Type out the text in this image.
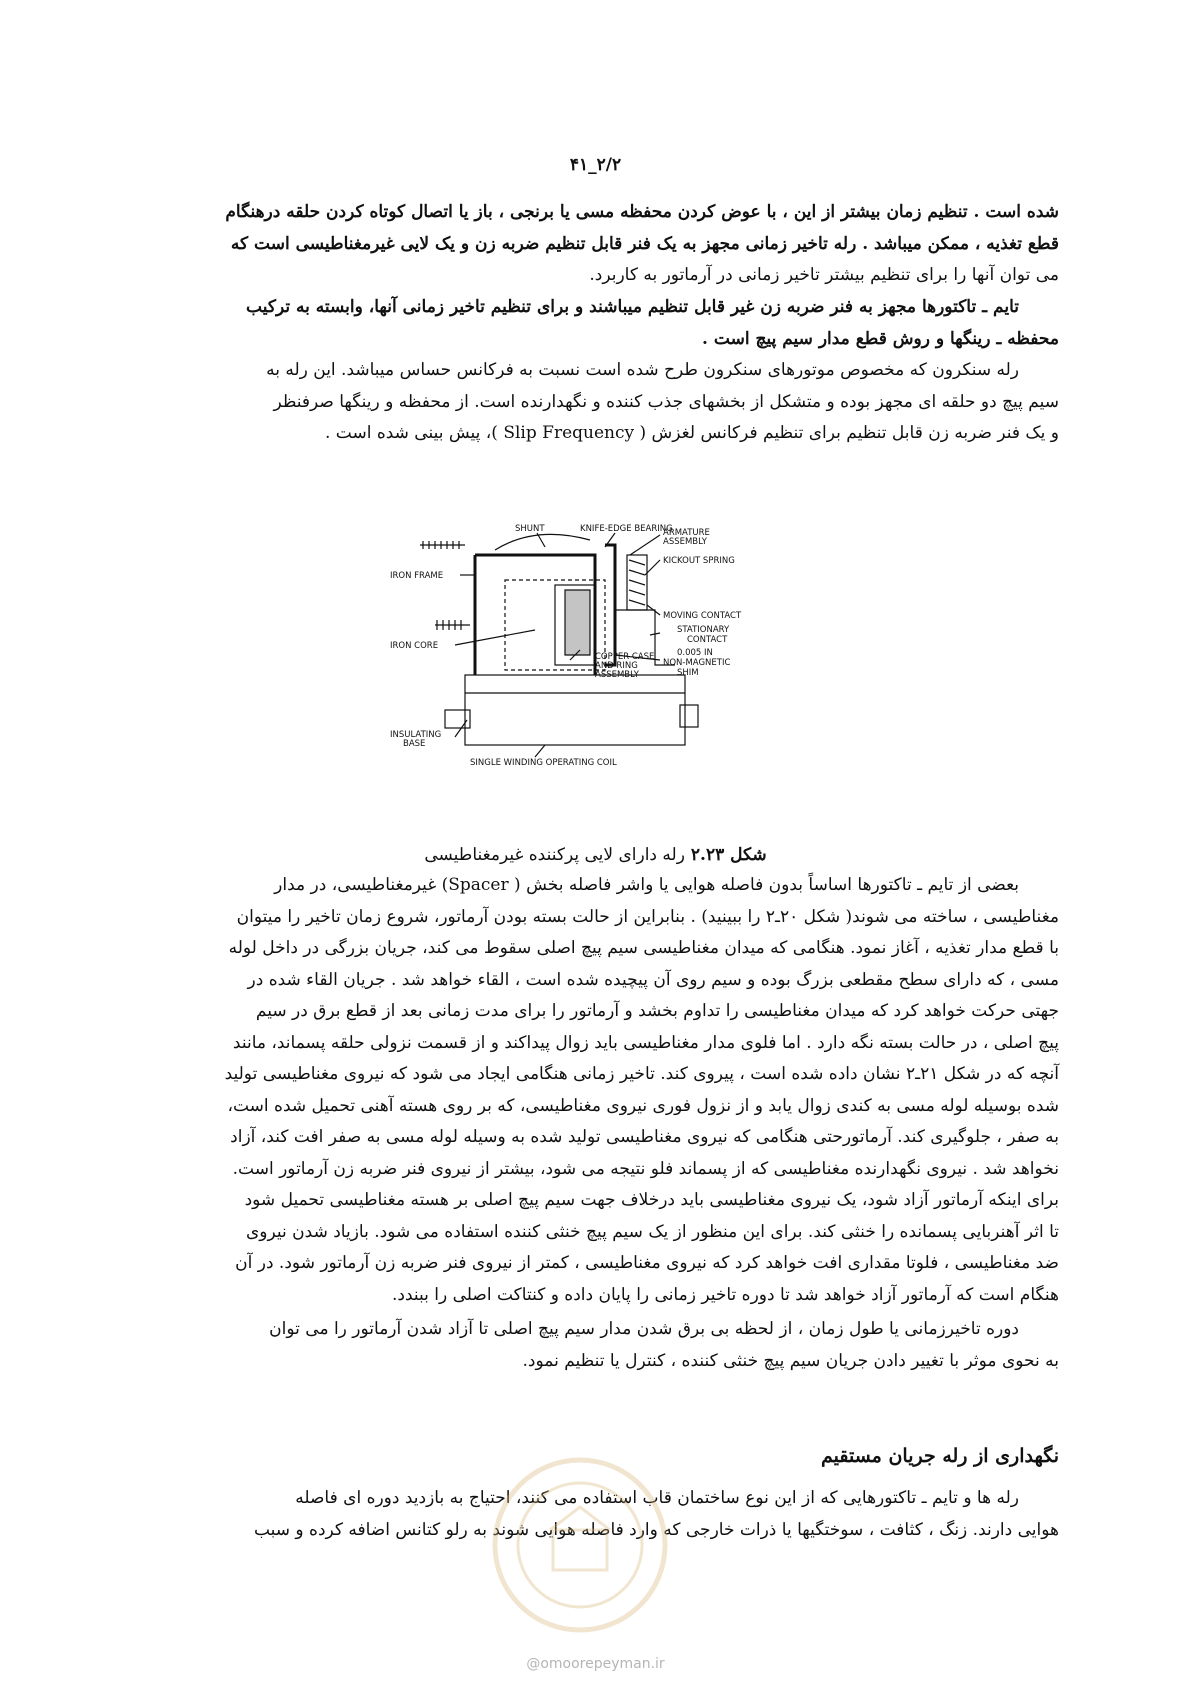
۴۱_۲/۲

شده است . تنظیم زمان بیشتر از این ، با عوض کردن محفظه مسی یا برنجی ، باز یا اتصال کوتاه کردن حلقه درهنگام

قطع تغذیه ، ممکن میباشد . رله تاخیر زمانی مجهز به یک فنر قابل تنظیم ضربه زن و یک لایی غیرمغناطیسی است که

می توان آنها را برای تنظیم بیشتر تاخیر زمانی در آرماتور به کاربرد.

تایم ـ تاکتورها مجهز به فنر ضربه زن غیر قابل تنظیم میباشند و برای تنظیم تاخیر زمانی آنها، وابسته به ترکیب

محفظه ـ رینگها و روش قطع مدار سیم پیچ است .

رله سنکرون که مخصوص موتورهای سنکرون طرح شده است نسبت به فرکانس حساس میباشد. این رله به

سیم پیچ دو حلقه ای مجهز بوده و متشکل از بخشهای جذب کننده و نگهدارنده است. از محفظه و رینگها صرفنظر

و یک فنر ضربه زن قابل تنظیم برای تنظیم فرکانس لغزش ( Slip Frequency )، پیش بینی شده است .

SHUNT	KNIFE-EDGE BEARING
ARMATURE
ASSEMBLY
IRON FRAME
KICKOUT SPRING
MOVING CONTACT
STATIONARY
CONTACT
IRON CORE
COPPER CASE
AND RING
ASSEMBLY
0.005 IN
NON-MAGNETIC
SHIM
INSULATING
BASE
SINGLE WINDING OPERATING COIL
شکل ۲.۲۳رله دارای لایی پرکننده غیرمغناطیسی

بعضی از تایم ـ تاکتورها اساساً بدون فاصله هوایی یا واشر فاصله بخش ( Spacer) غیرمغناطیسی، در مدار

مغناطیسی ، ساخته می شوند( شکل ۲۰ـ۲ را ببینید) . بنابراین از حالت بسته بودن آرماتور، شروع زمان تاخیر را میتوان

با قطع مدار تغذیه ، آغاز نمود. هنگامی که میدان مغناطیسی سیم پیچ اصلی سقوط می کند، جریان بزرگی در داخل لوله

مسی ، که دارای سطح مقطعی بزرگ بوده و سیم روی آن پیچیده شده است ، القاء خواهد شد . جریان القاء شده در

جهتی حرکت خواهد کرد که میدان مغناطیسی را تداوم بخشد و آرماتور را برای مدت زمانی بعد از قطع برق در سیم

پیچ اصلی ، در حالت بسته نگه دارد . اما فلوی مدار مغناطیسی باید زوال پیداکند و از قسمت نزولی حلقه پسماند، مانند

آنچه که در شکل ۲۱ـ۲ نشان داده شده است ، پیروی کند. تاخیر زمانی هنگامی ایجاد می شود که نیروی مغناطیسی تولید

شده بوسیله لوله مسی به کندی زوال یابد و از نزول فوری نیروی مغناطیسی، که بر روی هسته آهنی تحمیل شده است،

به صفر ، جلوگیری کند. آرماتورحتی هنگامی که نیروی مغناطیسی تولید شده به وسیله لوله مسی به صفر افت کند، آزاد

نخواهد شد . نیروی نگهدارنده مغناطیسی که از پسماند فلو نتیجه می شود، بیشتر از نیروی فنر ضربه زن آرماتور است.

برای اینکه آرماتور آزاد شود، یک نیروی مغناطیسی باید درخلاف جهت سیم پیچ اصلی بر هسته مغناطیسی تحمیل شود

تا اثر آهنربایی پسمانده را خنثی کند. برای این منظور از یک سیم پیچ خنثی کننده استفاده می شود. بازیاد شدن نیروی

ضد مغناطیسی ، فلوتا مقداری افت خواهد کرد که نیروی مغناطیسی ، کمتر از نیروی فنر ضربه زن آرماتور شود. در آن

هنگام است که آرماتور آزاد خواهد شد تا دوره تاخیر زمانی را پایان داده و کنتاکت اصلی را ببندد.

دوره تاخیرزمانی یا طول زمان ، از لحظه بی برق شدن مدار سیم پیچ اصلی تا آزاد شدن آرماتور را می توان

به نحوی موثر با تغییر دادن جریان سیم پیچ خنثی کننده ، کنترل یا تنظیم نمود.

نگهداری از رله جریان مستقیم

رله ها و تایم ـ تاکتورهایی که از این نوع ساختمان قاب استفاده می کنند، احتیاج به بازدید دوره ای فاصله

هوایی دارند. زنگ ، کثافت ، سوختگیها یا ذرات خارجی که وارد فاصله هوایی شوند به رلو کتانس اضافه کرده و سبب

@omoorepeyman.ir
